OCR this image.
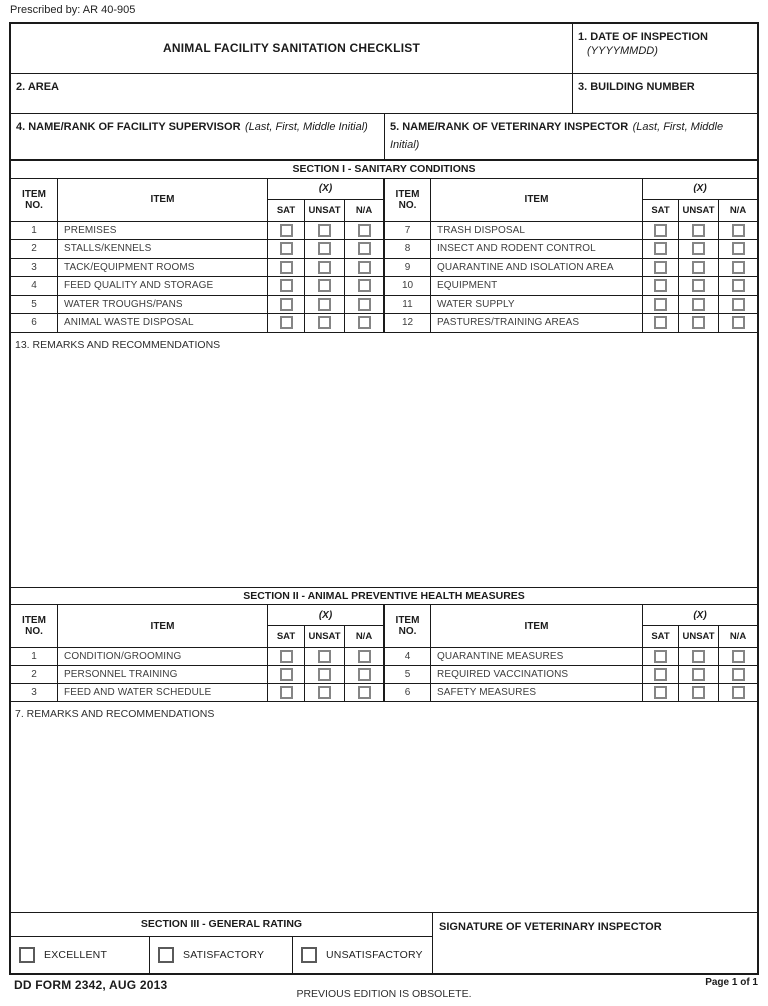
Prescribed by: AR 40-905
ANIMAL FACILITY SANITATION CHECKLIST
1. DATE OF INSPECTION
(YYYYMMDD)
2. AREA	3. BUILDING NUMBER
4. NAME/RANK OF FACILITY SUPERVISOR (Last, First, Middle Initial)	5. NAME/RANK OF VETERINARY INSPECTOR (Last, First, Middle Initial)
SECTION I - SANITARY CONDITIONS
ITEM NO.	ITEM
(X)	ITEM NO.	ITEM
(X)
SAT	UNSAT	N/A	SAT	UNSAT	N/A
1	PREMISES	7	TRASH DISPOSAL
2	STALLS/KENNELS	8	INSECT AND RODENT CONTROL
3	TACK/EQUIPMENT ROOMS	9	QUARANTINE AND ISOLATION AREA
4	FEED QUALITY AND STORAGE	10	EQUIPMENT
5	WATER TROUGHS/PANS	11	WATER SUPPLY
6	ANIMAL WASTE DISPOSAL	12	PASTURES/TRAINING AREAS
13. REMARKS AND RECOMMENDATIONS
SECTION II - ANIMAL PREVENTIVE HEALTH MEASURES
ITEM NO.	ITEM
(X)	ITEM NO.	ITEM
(X)
SAT	UNSAT	N/A	SAT	UNSAT	N/A
1	CONDITION/GROOMING	4	QUARANTINE MEASURES
2	PERSONNEL TRAINING	5	REQUIRED VACCINATIONS
3	FEED AND WATER SCHEDULE	6	SAFETY MEASURES
7. REMARKS AND RECOMMENDATIONS
SECTION III - GENERAL RATING
EXCELLENT	SATISFACTORY	UNSATISFACTORY
SIGNATURE OF VETERINARY INSPECTOR
DD FORM 2342, AUG 2013	Page 1 of 1
PREVIOUS EDITION IS OBSOLETE.
